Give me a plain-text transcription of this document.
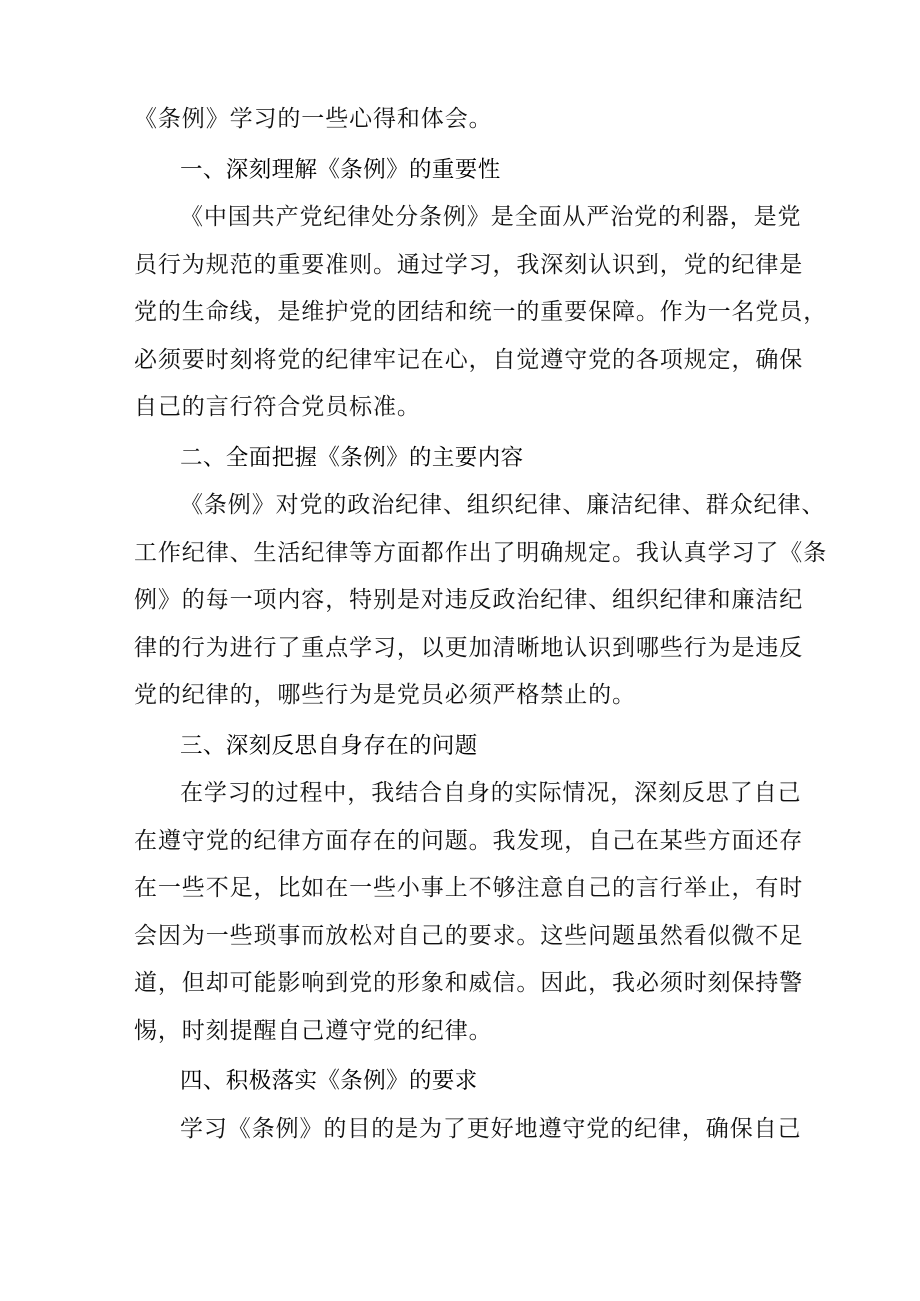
《条例》学习的一些心得和体会。
一、深刻理解《条例》的重要性
《中国共产党纪律处分条例》是全面从严治党的利器，是党
员行为规范的重要准则。通过学习，我深刻认识到，党的纪律是
党的生命线，是维护党的团结和统一的重要保障。作为一名党员，
必须要时刻将党的纪律牢记在心，自觉遵守党的各项规定，确保
自己的言行符合党员标准。
二、全面把握《条例》的主要内容
《条例》对党的政治纪律、组织纪律、廉洁纪律、群众纪律、
工作纪律、生活纪律等方面都作出了明确规定。我认真学习了《条
例》的每一项内容，特别是对违反政治纪律、组织纪律和廉洁纪
律的行为进行了重点学习，以更加清晰地认识到哪些行为是违反
党的纪律的，哪些行为是党员必须严格禁止的。
三、深刻反思自身存在的问题
在学习的过程中，我结合自身的实际情况，深刻反思了自己
在遵守党的纪律方面存在的问题。我发现，自己在某些方面还存
在一些不足，比如在一些小事上不够注意自己的言行举止，有时
会因为一些琐事而放松对自己的要求。这些问题虽然看似微不足
道，但却可能影响到党的形象和威信。因此，我必须时刻保持警
惕，时刻提醒自己遵守党的纪律。
四、积极落实《条例》的要求
学习《条例》的目的是为了更好地遵守党的纪律，确保自己
